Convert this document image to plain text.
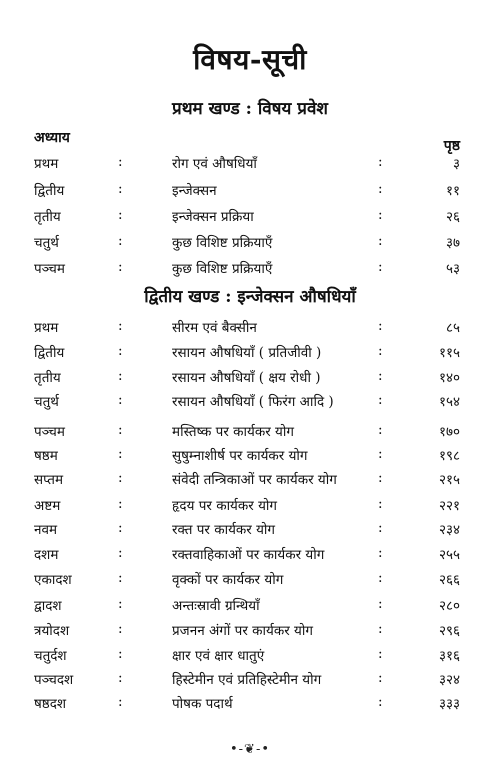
विषय-सूची
प्रथम खण्ड : विषय प्रवेश
अध्याय	पृष्ठ
प्रथम	:	रोग एवं औषधियाँ	:	३
द्वितीय	:	इन्जेक्सन	:	११
तृतीय	:	इन्जेक्सन प्रक्रिया	:	२६
चतुर्थ	:	कुछ विशिष्ट प्रक्रियाएँ	:	३७
पञ्चम	:	कुछ विशिष्ट प्रक्रियाएँ	:	५३
द्वितीय खण्ड : इन्जेक्सन औषधियाँ
प्रथम	:	सीरम एवं बैक्सीन	:	८५
द्वितीय	:	रसायन औषधियाँ ( प्रतिजीवी )	:	११५
तृतीय	:	रसायन औषधियाँ ( क्षय रोधी )	:	१४०
चतुर्थ	:	रसायन औषधियाँ ( फिरंग आदि )	:	१५४
पञ्चम	:	मस्तिष्क पर कार्यकर योग	:	१७०
षष्ठम	:	सुषुम्नाशीर्ष पर कार्यकर योग	:	१९८
सप्तम	:	संवेदी तन्त्रिकाओं पर कार्यकर योग	:	२१५
अष्टम	:	हृदय पर कार्यकर योग	:	२२१
नवम	:	रक्त पर कार्यकर योग	:	२३४
दशम	:	रक्तवाहिकाओं पर कार्यकर योग	:	२५५
एकादश	:	वृक्कों पर कार्यकर योग	:	२६६
द्वादश	:	अन्तःस्रावी ग्रन्थियाँ	:	२८०
त्रयोदश	:	प्रजनन अंगों पर कार्यकर योग	:	२९६
चतुर्दश	:	क्षार एवं क्षार धातुएं	:	३१६
पञ्चदश	:	हिस्टेमीन एवं प्रतिहिस्टेमीन योग	:	३२४
षष्ठदश	:	पोषक पदार्थ	:	३३३
•-❦-•
